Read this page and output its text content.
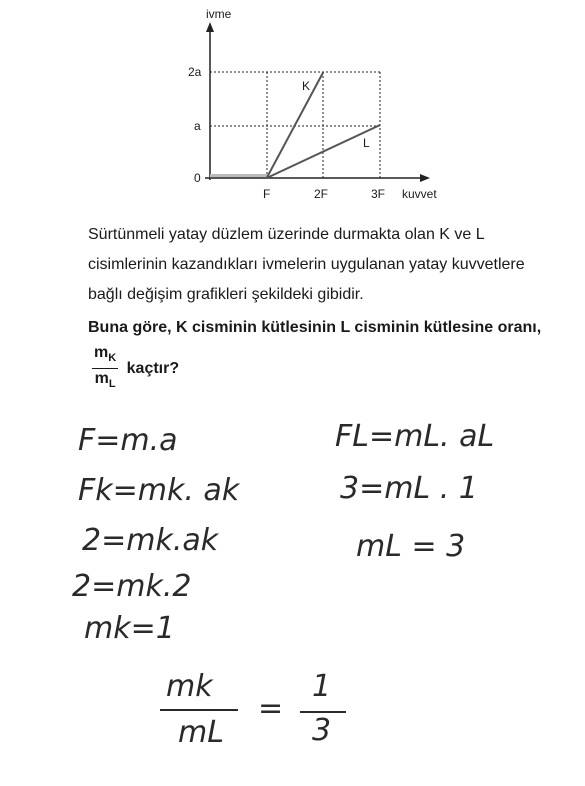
ivme
2a
a
0
F	2F	3F kuvvet
K
L
Sürtünmeli yatay düzlem üzerinde durmakta olan K ve L cisimlerinin kazandıkları ivmelerin uygulanan yatay kuvvetlere bağlı değişim grafikleri şekildeki gibidir.
Buna göre, K cisminin kütlesinin L cisminin kütlesine oranı,
$\frac{m_K}{m_L}$ kaçtır?
F=m.a
Fk=mk. ak
2=mk.ak
2=mk.2
mk=1
FL=mL. aL
3=mL . 1
mL = 3
mk
mL
=
1
3
